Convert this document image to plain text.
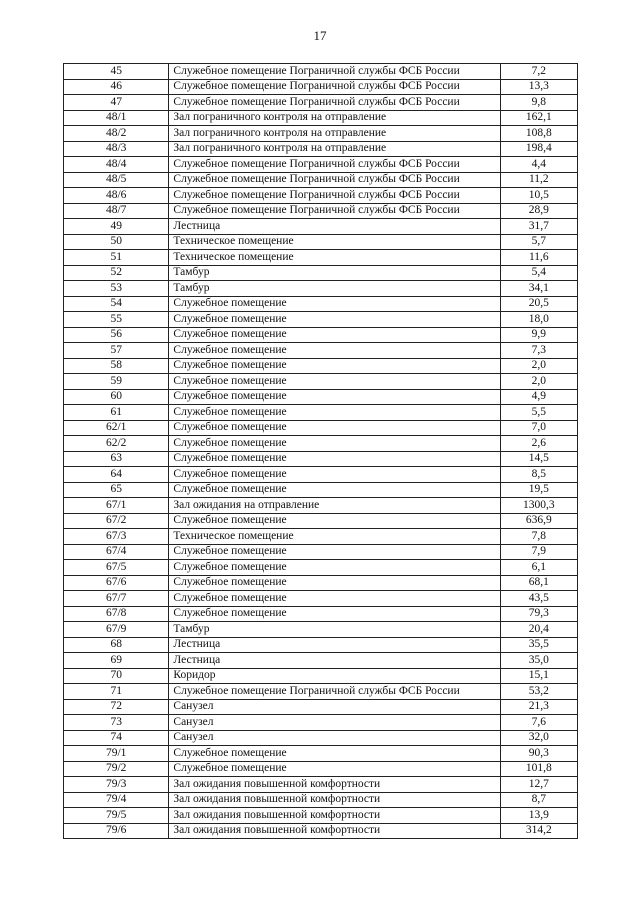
17
45	Служебное помещение Пограничной службы ФСБ России	7,2
46	Служебное помещение Пограничной службы ФСБ России	13,3
47	Служебное помещение Пограничной службы ФСБ России	9,8
48/1	Зал пограничного контроля на отправление	162,1
48/2	Зал пограничного контроля на отправление	108,8
48/3	Зал пограничного контроля на отправление	198,4
48/4	Служебное помещение Пограничной службы ФСБ России	4,4
48/5	Служебное помещение Пограничной службы ФСБ России	11,2
48/6	Служебное помещение Пограничной службы ФСБ России	10,5
48/7	Служебное помещение Пограничной службы ФСБ России	28,9
49	Лестница	31,7
50	Техническое помещение	5,7
51	Техническое помещение	11,6
52	Тамбур	5,4
53	Тамбур	34,1
54	Служебное помещение	20,5
55	Служебное помещение	18,0
56	Служебное помещение	9,9
57	Служебное помещение	7,3
58	Служебное помещение	2,0
59	Служебное помещение	2,0
60	Служебное помещение	4,9
61	Служебное помещение	5,5
62/1	Служебное помещение	7,0
62/2	Служебное помещение	2,6
63	Служебное помещение	14,5
64	Служебное помещение	8,5
65	Служебное помещение	19,5
67/1	Зал ожидания на отправление	1300,3
67/2	Служебное помещение	636,9
67/3	Техническое помещение	7,8
67/4	Служебное помещение	7,9
67/5	Служебное помещение	6,1
67/6	Служебное помещение	68,1
67/7	Служебное помещение	43,5
67/8	Служебное помещение	79,3
67/9	Тамбур	20,4
68	Лестница	35,5
69	Лестница	35,0
70	Коридор	15,1
71	Служебное помещение Пограничной службы ФСБ России	53,2
72	Санузел	21,3
73	Санузел	7,6
74	Санузел	32,0
79/1	Служебное помещение	90,3
79/2	Служебное помещение	101,8
79/3	Зал ожидания повышенной комфортности	12,7
79/4	Зал ожидания повышенной комфортности	8,7
79/5	Зал ожидания повышенной комфортности	13,9
79/6	Зал ожидания повышенной комфортности	314,2
